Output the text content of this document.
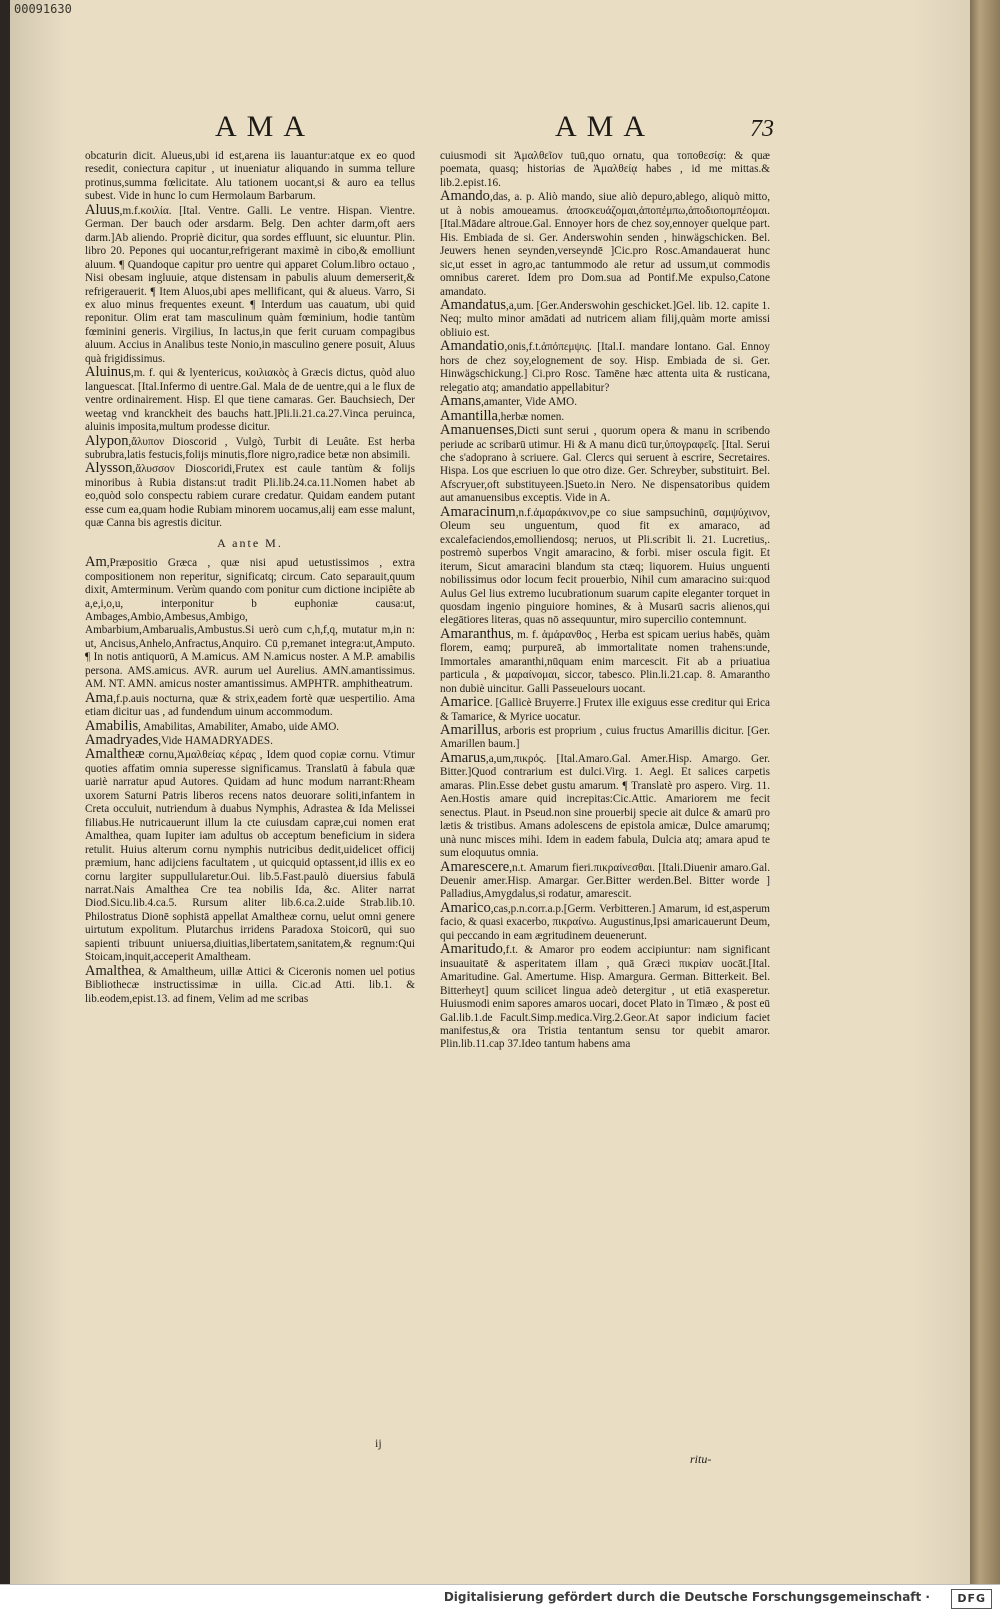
00091630
AMA	AMA	73

obcaturin dicit. Alueus,ubi id est,arena iis lauantur:atque ex eo quod resedit, coniectura capitur , ut inueniatur aliquando in summa tellure protinus,summa fœlicitate. Alu tationem uocant,si & auro ea tellus subest. Vide in hunc lo cum Hermolaum Barbarum.

Aluus,m.f.κοιλία. [Ital. Ventre. Galli. Le ventre. Hispan. Vientre. German. Der bauch oder arsdarm. Belg. Den achter darm,oft aers darm.]Ab aliendo. Propriè dicitur, qua sordes effluunt, sic eluuntur. Plin. libro 20. Pepones qui uocantur,refrigerant maximè in cibo,& emolliunt aluum. ¶ Quandoque capitur pro uentre qui apparet Colum.libro octauo , Nisi obesam ingluuie, atque distensam in pabulis aluum demerserit,& refrigerauerit. ¶ Item Aluos,ubi apes mellificant, qui & alueus. Varro, Si ex aluo minus frequentes exeunt. ¶ Interdum uas cauatum, ubi quid reponitur. Olim erat tam masculinum quàm fœminium, hodie tantùm fœminini generis. Virgilius, In lactus,in que ferit curuam compagibus aluum. Accius in Analibus teste Nonio,in masculino genere posuit, Aluus quà frigidissimus.

Aluinus,m. f. qui & lyentericus, κοιλιακὸς à Græcis dictus, quòd aluo languescat. [Ital.Infermo di uentre.Gal. Mala de de uentre,qui a le flux de ventre ordinairement. Hisp. El que tiene camaras. Ger. Bauchsiech, Der weetag vnd kranckheit des bauchs hatt.]Pli.li.21.ca.27.Vinca peruinca, aluinis imposita,multum prodesse dicitur.

Alypon,ἄλυπον Dioscorid , Vulgò, Turbit di Leuâte. Est herba subrubra,latis festucis,folijs minutis,flore nigro,radice betæ non absimili.

Alysson,ἄλυσσον Dioscoridi,Frutex est caule tantùm & folijs minoribus à Rubia distans:ut tradit Pli.lib.24.ca.11.Nomen habet ab eo,quòd solo conspectu rabiem curare credatur. Quidam eandem putant esse cum ea,quam hodie Rubiam minorem uocamus,alij eam esse malunt, quæ Canna bis agrestis dicitur.

A ante M.

Am,Præpositio Græca , quæ nisi apud uetustissimos , extra compositionem non reperitur, significatq; circum. Cato separauit,quum dixit, Amterminum. Verùm quando com ponitur cum dictione incipiête ab a,e,i,o,u, interponitur b euphoniæ causa:ut, Ambages,Ambio,Ambesus,Ambigo, Ambarbium,Ambarualis,Ambustus.Si uerò cum c,h,f,q, mutatur m,in n: ut, Ancisus,Anhelo,Anfractus,Anquiro. Cū p,remanet integra:ut,Amputo. ¶ In notis antiquorū, A M.amicus. AM N.amicus noster. A M.P. amabilis persona. AMS.amicus. AVR. aurum uel Aurelius. AMN.amantissimus. AM. NT. AMN. amicus noster amantissimus. AMPHTR. amphitheatrum.

Ama,f.p.auis nocturna, quæ & strix,eadem fortè quæ uespertilio. Ama etiam dicitur uas , ad fundendum uinum accommodum.

Amabilis, Amabilitas, Amabiliter, Amabo, uide AMO.

Amadryades,Vide HAMADRYADES.

Amaltheæ cornu,Ἀμαλθείας κέρας , Idem quod copiæ cornu. Vtimur quoties affatim omnia superesse significamus. Translatū à fabula quæ uariè narratur apud Autores. Quidam ad hunc modum narrant:Rheam uxorem Saturni Patris liberos recens natos deuorare soliti,infantem in Creta occuluit, nutriendum à duabus Nymphis, Adrastea & Ida Melissei filiabus.He nutricauerunt illum la cte cuiusdam capræ,cui nomen erat Amalthea, quam Iupiter iam adultus ob acceptum beneficium in sidera retulit. Huius alterum cornu nymphis nutricibus dedit,uidelicet officij præmium, hanc adijciens facultatem , ut quicquid optassent,id illis ex eo cornu largiter suppullularetur.Oui. lib.5.Fast.paulò diuersius fabulā narrat.Nais Amalthea Cre tea nobilis Ida, &c. Aliter narrat Diod.Sicu.lib.4.ca.5. Rursum aliter lib.6.ca.2.uide Strab.lib.10. Philostratus Dionē sophistā appellat Amaltheæ cornu, uelut omni genere uirtutum expolitum. Plutarchus irridens Paradoxa Stoicorū, qui suo sapienti tribuunt uniuersa,diuitias,libertatem,sanitatem,& regnum:Qui Stoicam,inquit,acceperit Amaltheam.

Amalthea, & Amaltheum, uillæ Attici & Ciceronis nomen uel potius Bibliothecæ instructissimæ in uilla. Cic.ad Atti. lib.1. & lib.eodem,epist.13. ad finem, Velim ad me scribas

cuiusmodi sit Ἀμαλθεῖον tuū,quo ornatu, qua τοποθεσίᾳ: & quæ poemata, quasq; historias de Ἀμαλθείᾳ habes , id me mittas.& lib.2.epist.16.

Amando,das, a. p. Aliò mando, siue aliò depuro,ablego, aliquò mitto, ut à nobis amoueamus. ἀποσκευάζομαι,ἀποπέμπω,ἀποδιοπομπέομαι. [Ital.Mādare altroue.Gal. Ennoyer hors de chez soy,ennoyer quelque part. His. Embiada de si. Ger. Anderswohin senden , hinwägschicken. Bel. Jeuwers henen seynden,verseyndē ]Cic.pro Rosc.Amandauerat hunc sic,ut esset in agro,ac tantummodo ale retur ad ussum,ut commodis omnibus careret. Idem pro Dom.sua ad Pontif.Me expulso,Catone amandato.

Amandatus,a,um. [Ger.Anderswohin geschicket.]Gel. lib. 12. capite 1. Neq; multo minor amādati ad nutricem aliam filij,quàm morte amissi obliuio est.

Amandatio,onis,f.t.ἀπόπεμψις. [Ital.I. mandare lontano. Gal. Ennoy hors de chez soy,elognement de soy. Hisp. Embiada de si. Ger. Hinwägschickung.] Ci.pro Rosc. Tamēne hæc attenta uita & rusticana, relegatio atq; amandatio appellabitur?

Amans,amanter, Vide AMO.

Amantilla,herbæ nomen.

Amanuenses,Dicti sunt serui , quorum opera & manu in scribendo periude ac scribarū utimur. Hi & A manu dicū tur,ὑπογραφεῖς. [Ital. Serui che s'adoprano à scriuere. Gal. Clercs qui seruent à escrire, Secretaires. Hispa. Los que escriuen lo que otro dize. Ger. Schreyber, substituirt. Bel. Afscryuer,oft substituyeen.]Sueto.in Nero. Ne dispensatoribus quidem aut amanuensibus exceptis. Vide in A.

Amaracinum,n.f.ἀμαράκινον,pe co siue sampsuchinū, σαμψύχινον, Oleum seu unguentum, quod fit ex amaraco, ad excalefaciendos,emolliendosq; neruos, ut Pli.scribit li. 21. Lucretius,. postremò superbos Vngit amaracino, & forbi. miser oscula figit. Et iterum, Sicut amaracini blandum sta ctæq; liquorem. Huius unguenti nobilissimus odor locum fecit prouerbio, Nihil cum amaracino sui:quod Aulus Gel lius extremo lucubrationum suarum capite eleganter torquet in quosdam ingenio pinguiore homines, & à Musarū sacris alienos,qui elegātiores literas, quas nō assequuntur, miro supercilio contemnunt.

Amaranthus, m. f. ἀμάρανθος , Herba est spicam uerius habēs, quàm florem, eamq; purpureā, ab immortalitate nomen trahens:unde, Immortales amaranthi,nūquam enim marcescit. Fit ab a priuatiua particula , & μαραίνομαι, siccor, tabesco. Plin.li.21.cap. 8. Amarantho non dubiè uincitur. Galli Passeuelours uocant.

Amarice. [Gallicè Bruyerre.] Frutex ille exiguus esse creditur qui Erica & Tamarice, & Myrice uocatur.

Amarillus, arboris est proprium , cuius fructus Amarillis dicitur. [Ger. Amarillen baum.]

Amarus,a,um,πικρός. [Ital.Amaro.Gal. Amer.Hisp. Amargo. Ger. Bitter.]Quod contrarium est dulci.Virg. 1. Aegl. Et salices carpetis amaras. Plin.Esse debet gustu amarum. ¶ Translatè pro aspero. Virg. 11. Aen.Hostis amare quid increpitas:Cic.Attic. Amariorem me fecit senectus. Plaut. in Pseud.non sine prouerbij specie ait dulce & amarū pro lætis & tristibus. Amans adolescens de epistola amicæ, Dulce amarumq; unà nunc misces mihi. Idem in eadem fabula, Dulcia atq; amara apud te sum eloquutus omnia.

Amarescere,n.t. Amarum fieri.πικραίνεσθαι. [Itali.Diuenir amaro.Gal. Deuenir amer.Hisp. Amargar. Ger.Bitter werden.Bel. Bitter worde ] Palladius,Amygdalus,si rodatur, amarescit.

Amarico,cas,p.n.corr.a.p.[Germ. Verbitteren.] Amarum, id est,asperum facio, & quasi exacerbo, πικραίνω. Augustinus,Ipsi amaricauerunt Deum, qui peccando in eam ægritudinem deuenerunt.

Amaritudo,f.t. & Amaror pro eodem accipiuntur: nam significant insuauitatē & asperitatem illam , quā Græci πικρίαν uocāt.[Ital. Amaritudine. Gal. Amertume. Hisp. Amargura. German. Bitterkeit. Bel. Bitterheyt] quum scilicet lingua adeò detergitur , ut etiā exasperetur. Huiusmodi enim sapores amaros uocari, docet Plato in Timæo , & post eū Gal.lib.1.de Facult.Simp.medica.Virg.2.Geor.At sapor indicium faciet manifestus,& ora Tristia tentantum sensu tor quebit amaror. Plin.lib.11.cap 37.Ideo tantum habens ama

ij
ritu-
Digitalisierung gefördert durch die Deutsche Forschungsgemeinschaft ·	DFG
